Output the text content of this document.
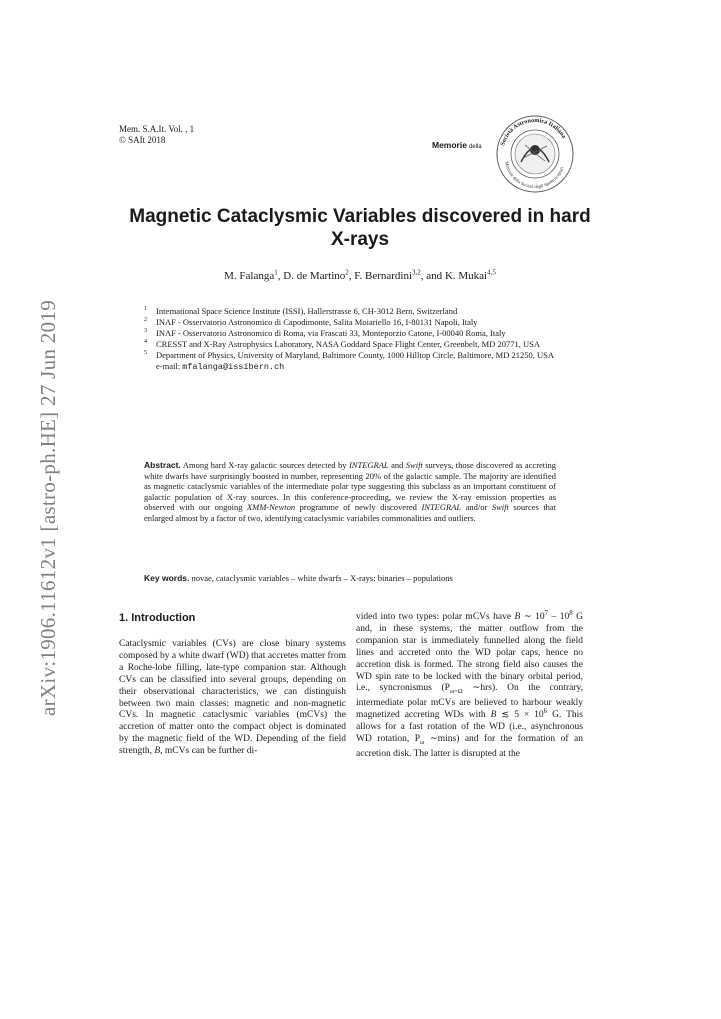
arXiv:1906.11612v1 [astro-ph.HE] 27 Jun 2019
Mem. S.A.It. Vol. , 1
© SAIt 2018	Memorie della
Società Astronomica Italiana
Memorie della Società degli Spettroscopisti
Magnetic Cataclysmic Variables discovered in hard X-rays
M. Falanga$^1$, D. de Martino$^2$, F. Bernardini$^{3,2}$, and K. Mukai$^{4,5}$
1 International Space Science Institute (ISSI), Hallerstrasse 6, CH-3012 Bern, Switzerland
2 INAF - Osservatorio Astronomico di Capodimonte, Salita Moiariello 16, I-80131 Napoli, Italy
3 INAF - Osservatorio Astronomico di Roma, via Frascati 33, Monteporzio Catone, I-00040 Roma, Italy
4 CRESST and X-Ray Astrophysics Laboratory, NASA Goddard Space Flight Center, Greenbelt, MD 20771, USA
5 Department of Physics, University of Maryland, Baltimore County, 1000 Hilltop Circle, Baltimore, MD 21250, USA
e-mail: mfalanga@issibern.ch
Abstract. Among hard X-ray galactic sources detected by INTEGRAL and Swift surveys, those discovered as accreting white dwarfs have surprisingly boosted in number, representing 20% of the galactic sample. The majority are identified as magnetic cataclysmic variables of the intermediate polar type suggesting this subclass as an important constituent of galactic population of X-ray sources. In this conference-proceeding, we review the X-ray emission properties as observed with our ongoing XMM-Newton programme of newly discovered INTEGRAL and/or Swift sources that enlarged almost by a factor of two, identifying cataclysmic variabiles commonalities and outliers.
Key words. novae, cataclysmic variables – white dwarfs – X-rays: binaries – populations
1. Introduction

Cataclysmic variables (CVs) are close binary systems composed by a white dwarf (WD) that accretes matter from a Roche-lobe filling, late-type companion star. Although CVs can be classified into several groups, depending on their observational characteristics, we can distinguish between two main classes: magnetic and non-magnetic CVs. In magnetic cataclysmic variables (mCVs) the accretion of matter onto the compact object is dominated by the magnetic field of the WD. Depending of the field strength, B, mCVs can be further di-

vided into two types: polar mCVs have B ∼ $10^7 - 10^8$ G and, in these systems, the matter outflow from the companion star is immediately funnelled along the field lines and accreted onto the WD polar caps, hence no accretion disk is formed. The strong field also causes the WD spin rate to be locked with the binary orbital period, i.e., syncronismus ($P_{\omega=\Omega}$ ∼hrs). On the contrary, intermediate polar mCVs are believed to harbour weakly magnetized accreting WDs with B ≲ $5 \times 10^6$ G. This allows for a fast rotation of the WD (i.e., asynchronous WD rotation, $P_\omega$ ∼mins) and for the formation of an accretion disk. The latter is disrupted at the
